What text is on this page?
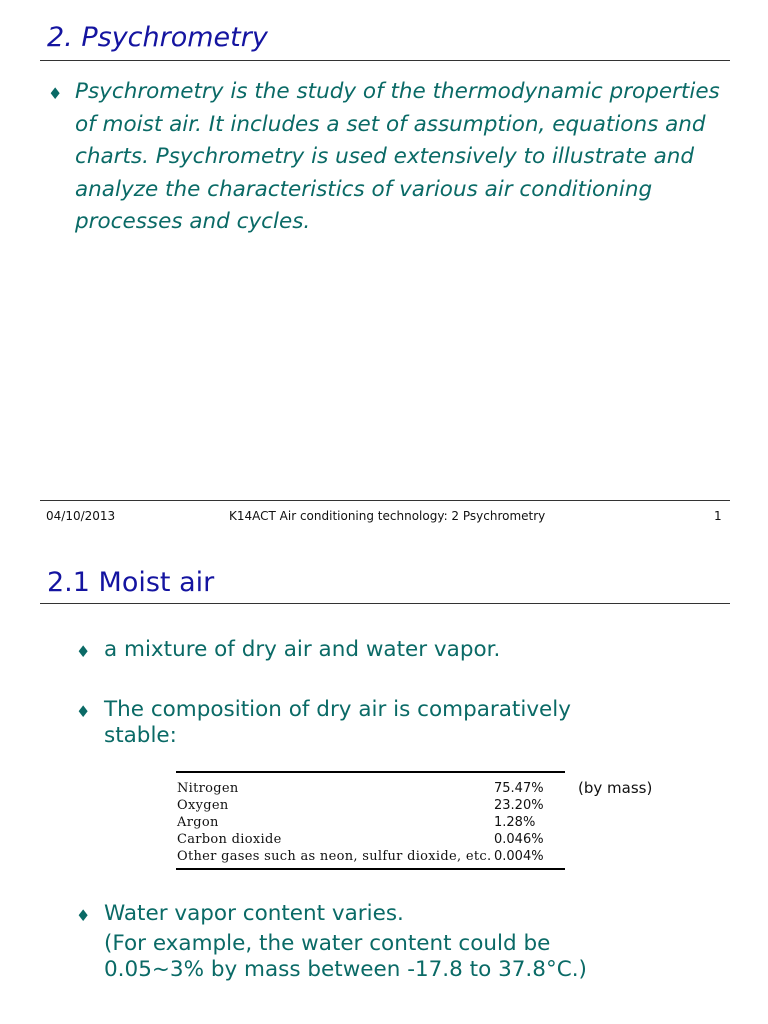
2. Psychrometry
♦ Psychrometry is the study of the thermodynamic properties of moist air. It includes a set of assumption, equations and charts. Psychrometry is used extensively to illustrate and analyze the characteristics of various air conditioning processes and cycles.
04/10/2013	K14ACT Air conditioning technology: 2 Psychrometry	1
2.1 Moist air
♦ a mixture of dry air and water vapor.
♦ The composition of dry air is comparatively stable:
Nitrogen	75.47%
Oxygen	23.20%
Argon	1.28%
Carbon dioxide	0.046%
Other gases such as neon, sulfur dioxide, etc. 0.004%
(by mass)
♦ Water vapor content varies.
(For example, the water content could be
0.05~3% by mass between -17.8 to 37.8°C.)
